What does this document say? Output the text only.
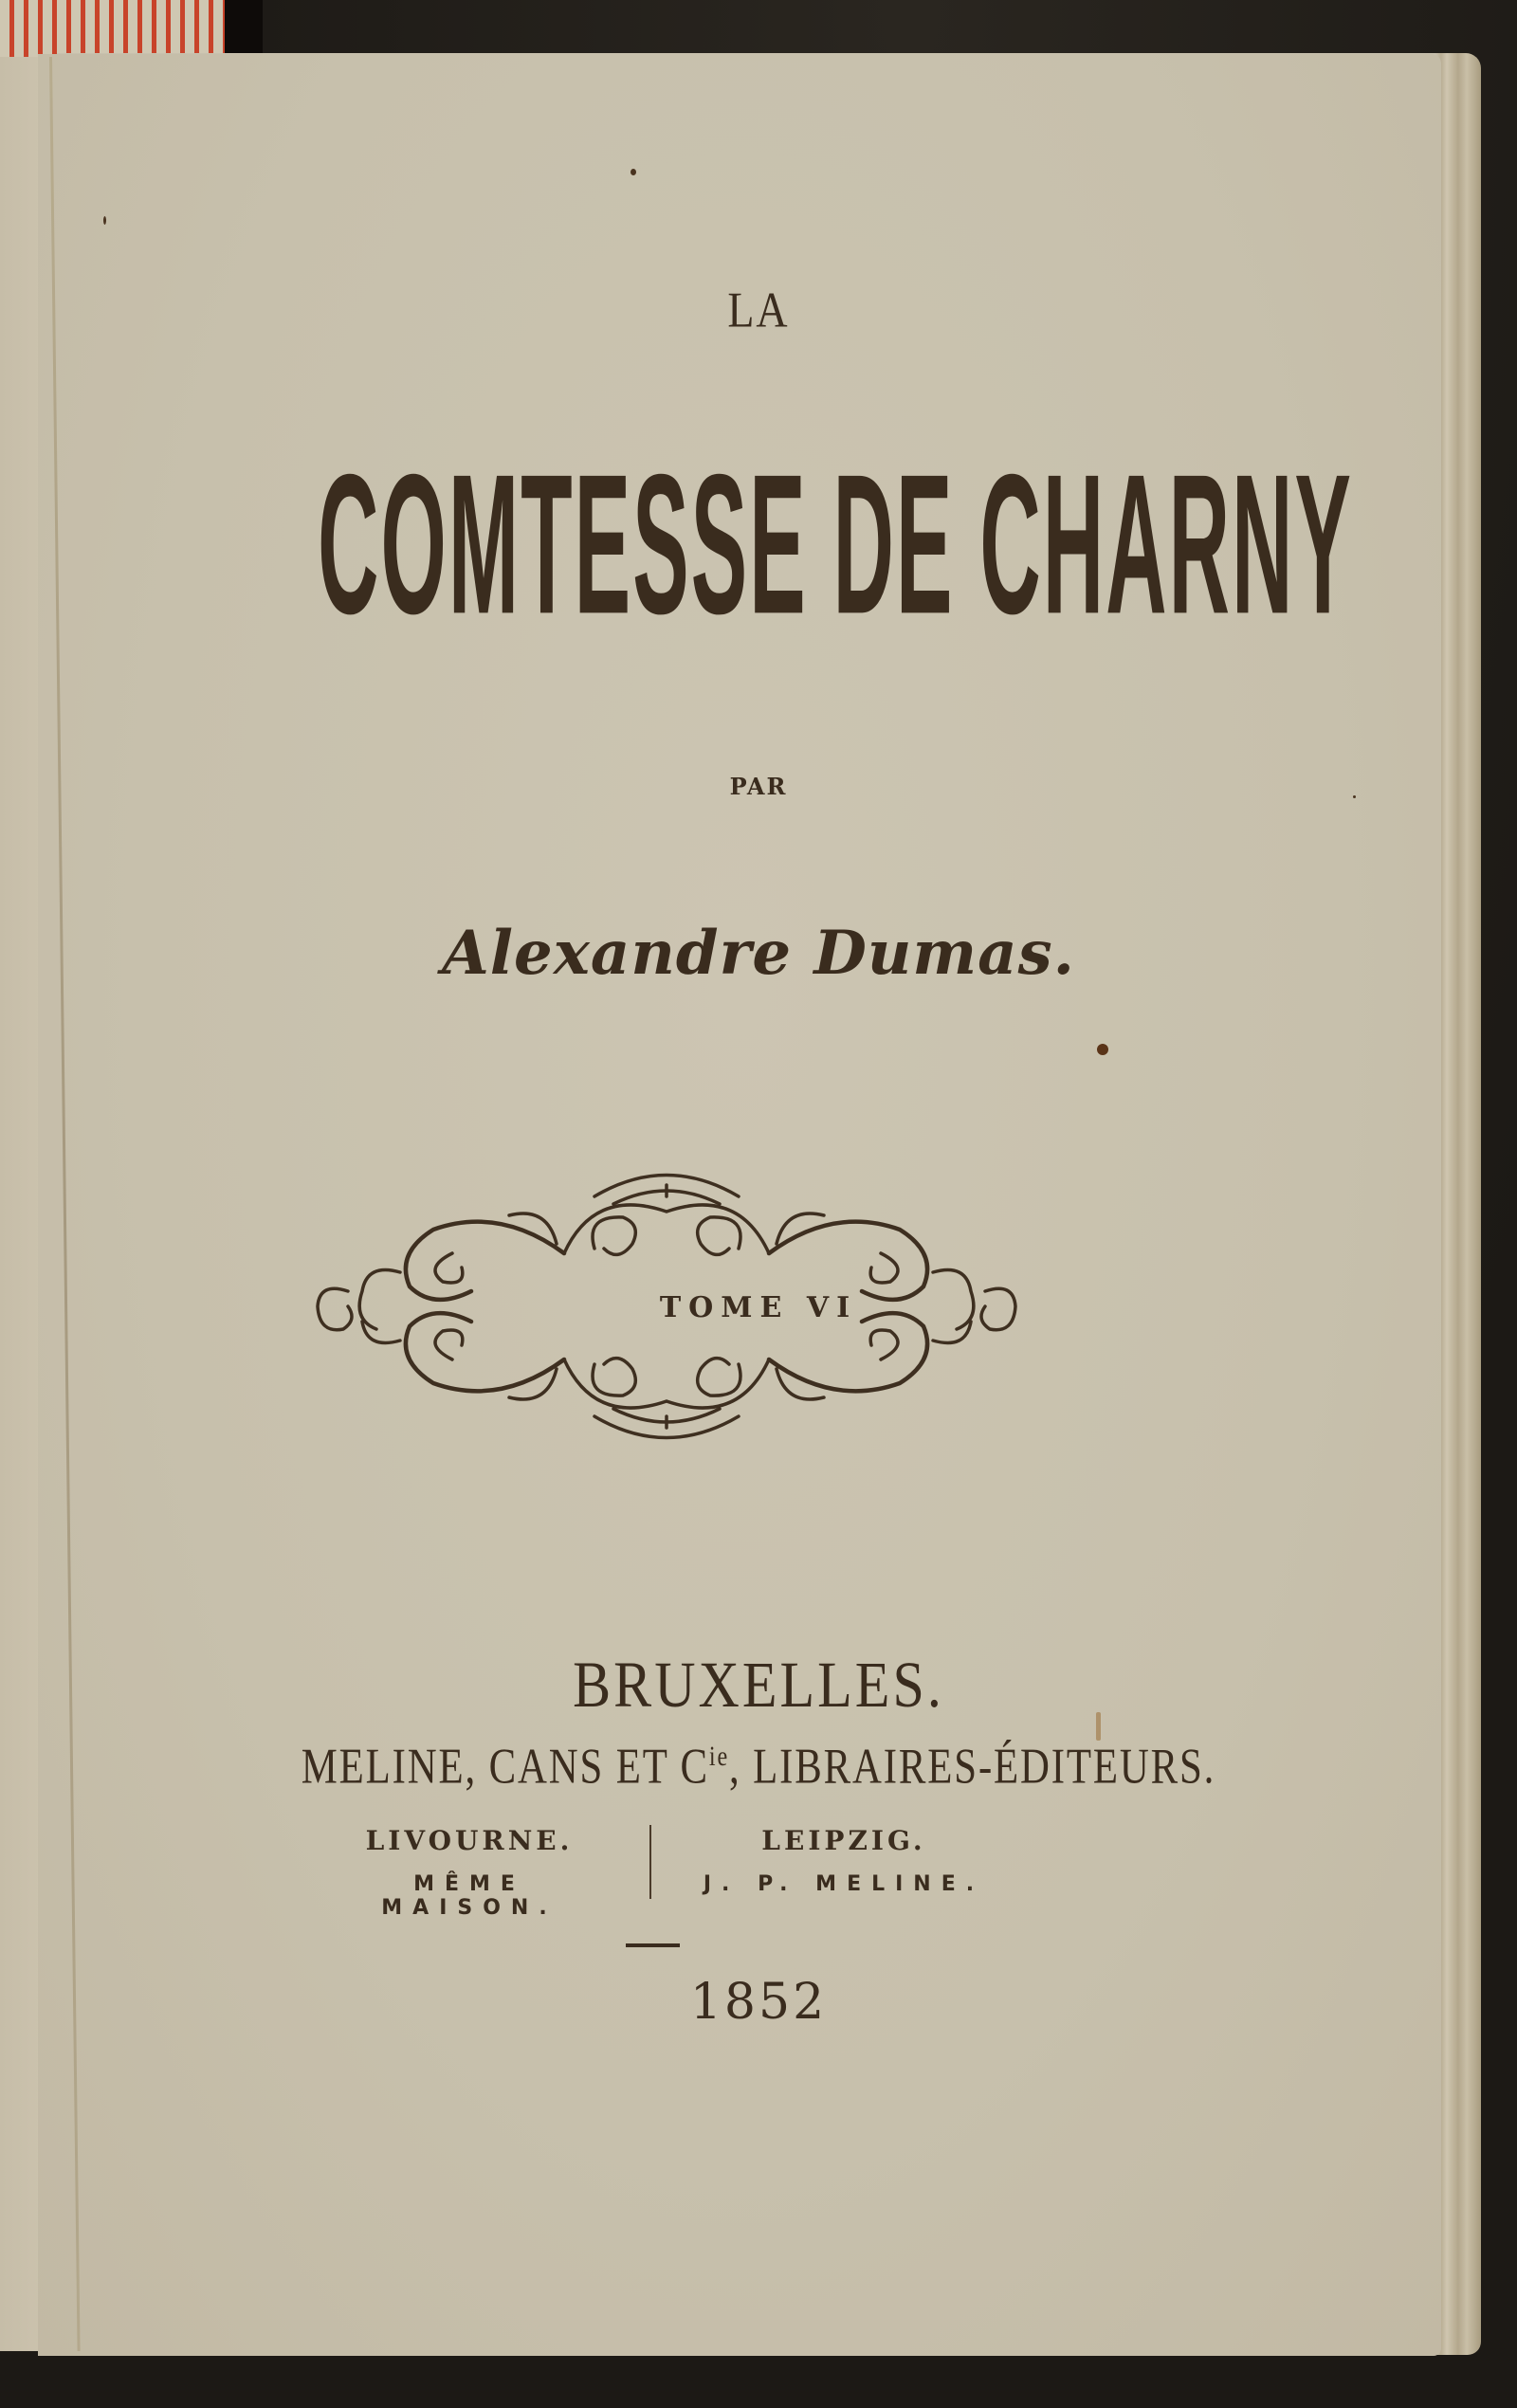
LA
COMTESSE DE CHARNY
PAR
Alexandre Dumas.
TOME VI
BRUXELLES.
MELINE, CANS ET $C^{ie}$, LIBRAIRES-ÉDITEURS.
LIVOURNE.
MÊME MAISON.
LEIPZIG.
J. P. MELINE.
1852
